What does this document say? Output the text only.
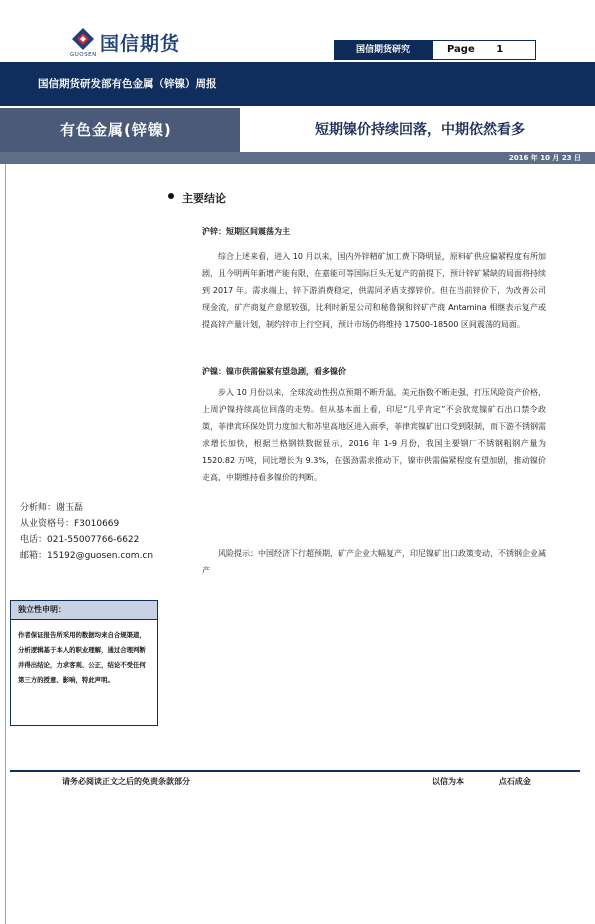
国信期货
GUOSEN	国信期货研究	Page 1
国信期货研发部有色金属（锌镍）周报
有色金属(锌镍)	短期镍价持续回落，中期依然看多
2016 年 10 月 23 日
主要结论
沪锌：短期区间震荡为主

综合上述来看，进入 10 月以来，国内外锌精矿加工费下降明显，原料矿供应偏紧程度有所加剧，且今明两年新增产能有限，在嘉能可等国际巨头无复产的前提下，预计锌矿紧缺的局面将持续到 2017 年。需求端上，锌下游消费稳定，供需同矛盾支撑锌价。但在当前锌价下，为改善公司现金流，矿产商复产意愿较强，比利时新星公司和秘鲁铜和锌矿产商 Antamina 相继表示复产或提高锌产量计划，制约锌市上行空间，预计市场仍将维持 17500-18500 区间震荡的局面。

沪镍：镍市供需偏紧有望急剧，看多镍价

步入 10 月份以来，全球流动性拐点预期不断升温，美元指数不断走强，打压风险资产价格，上周沪镍持续高位回落的走势。但从基本面上看，印尼“几乎肯定”不会放宽镍矿石出口禁令政策，菲律宾环保处罚力度加大和苏里高地区进入雨季，菲律宾镍矿出口受到限制，而下游不锈钢需求增长加快，根据兰格钢铁数据显示，2016 年 1-9 月份，我国主要钢厂不锈钢粗钢产量为 1520.82 万吨，同比增长为 9.3%，在强劲需求推动下，镍市供需偏紧程度有望加剧，推动镍价走高，中期维持看多镍价的判断。

风险提示：中国经济下行超预期，矿产企业大幅复产，印尼镍矿出口政策变动，不锈钢企业减产

分析师：谢玉磊
从业资格号：F3010669
电话：021-55007766-6622
邮箱：15192@guosen.com.cn
独立性申明：
作者保证报告所采用的数据均来自合规渠道，分析逻辑基于本人的职业理解，通过合理判断 并得出结论，力求客观、公正，结论不受任何第三方的授意、影响，特此声明。
请务必阅读正文之后的免责条款部分	以信为本	点石成金
